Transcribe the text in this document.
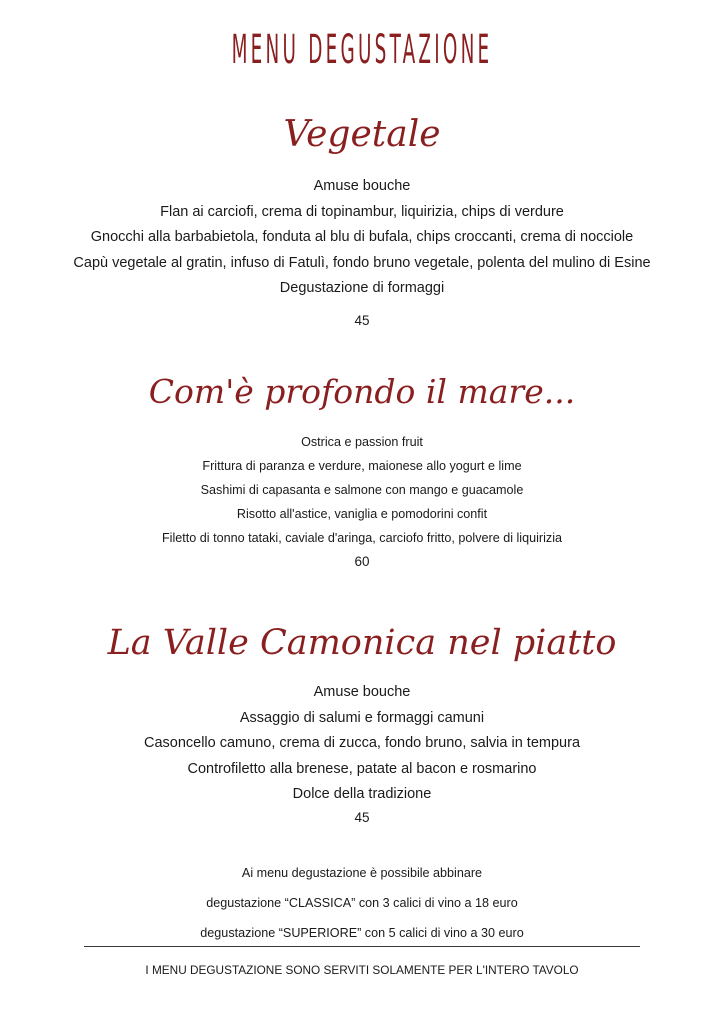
MENU DEGUSTAZIONE
Vegetale
Amuse bouche
Flan ai carciofi, crema di topinambur, liquirizia, chips di verdure
Gnocchi alla barbabietola, fonduta al blu di bufala, chips croccanti, crema di nocciole
Capù vegetale al gratin, infuso di Fatulì, fondo bruno vegetale, polenta del mulino di Esine
Degustazione di formaggi
45
Com'è profondo il mare...
Ostrica e passion fruit
Frittura di paranza e verdure, maionese allo yogurt e lime
Sashimi di capasanta e salmone con mango e guacamole
Risotto all'astice, vaniglia e pomodorini confit
Filetto di tonno tataki, caviale d'aringa, carciofo fritto, polvere di liquirizia
60
La Valle Camonica nel piatto
Amuse bouche
Assaggio di salumi e formaggi camuni
Casoncello camuno, crema di zucca, fondo bruno, salvia in tempura
Controfiletto alla brenese, patate al bacon e rosmarino
Dolce della tradizione
45
Ai menu degustazione è possibile abbinare
degustazione “CLASSICA” con 3 calici di vino a 18 euro
degustazione “SUPERIORE” con 5 calici di vino a 30 euro
I MENU DEGUSTAZIONE SONO SERVITI SOLAMENTE PER L'INTERO TAVOLO
